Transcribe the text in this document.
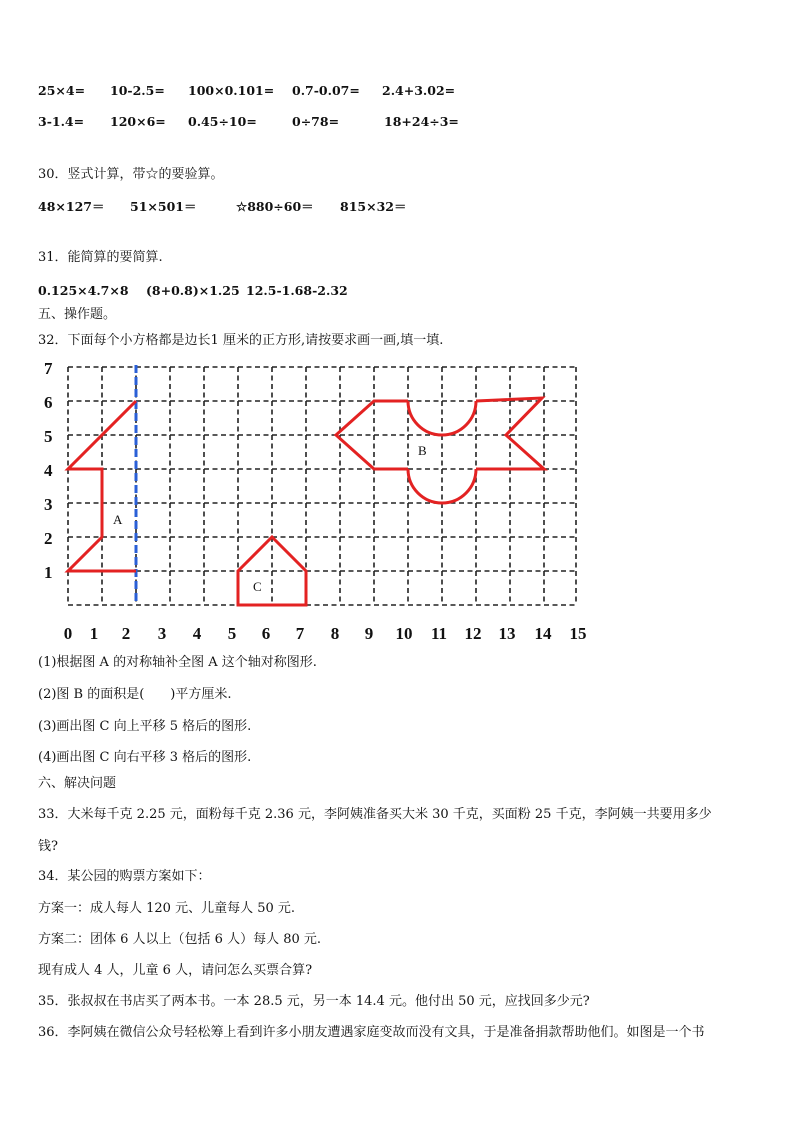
25×4= 10-2.5= 100×0.101= 0.7-0.07= 2.4+3.02=
3-1.4= 120×6= 0.45÷10=	0÷78=	18+24÷3=
30．竖式计算，带☆的要验算。
48×127＝ 51×501＝	☆880÷60＝ 815×32＝
31．能简算的要简算.
0.125×4.7×8 (8+0.8)×1.25 12.5-1.68-2.32
五、操作题。
32．下面每个小方格都是边长1 厘米的正方形,请按要求画一画,填一填.
A
B
C
7
6
5
4
3
2
1
0 1 2 3 4 5 6 7 8 9 10 11 12 13 14 15
(1)根据图 A 的对称轴补全图 A 这个轴对称图形.
(2)图 B 的面积是(　　)平方厘米.
(3)画出图 C 向上平移 5 格后的图形.
(4)画出图 C 向右平移 3 格后的图形.
六、解决问题
33．大米每千克 2.25 元，面粉每千克 2.36 元，李阿姨准备买大米 30 千克，买面粉 25 千克，李阿姨一共要用多少
钱?
34．某公园的购票方案如下：
方案一：成人每人 120 元、儿童每人 50 元.
方案二：团体 6 人以上（包括 6 人）每人 80 元.
现有成人 4 人，儿童 6 人，请问怎么买票合算?
35．张叔叔在书店买了两本书。一本 28.5 元，另一本 14.4 元。他付出 50 元，应找回多少元?
36．李阿姨在微信公众号轻松筹上看到许多小朋友遭遇家庭变故而没有文具，于是准备捐款帮助他们。如图是一个书
